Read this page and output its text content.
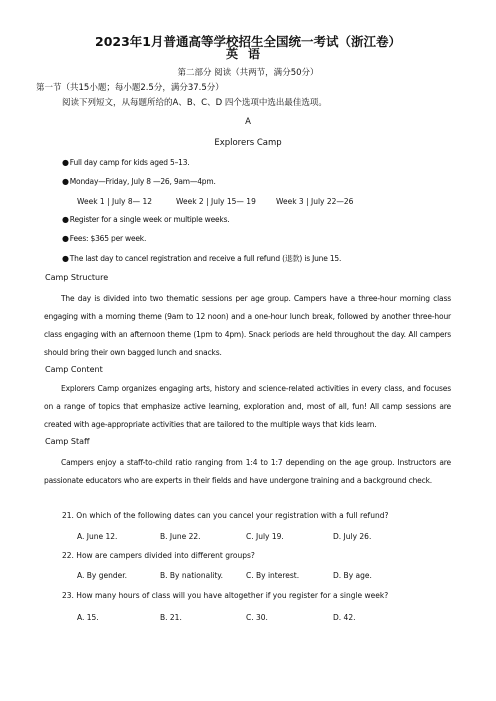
2023年1月普通高等学校招生全国统一考试（浙江卷）
英语
第二部分 阅读（共两节，满分50分）
第一节（共15小题；每小题2.5分，满分37.5分）
阅读下列短文，从每题所给的A、B、C、D 四个选项中选出最佳选项。
A
Explorers Camp
● Full day camp for kids aged 5–13.
● Monday—Friday, July 8 —26, 9am—4pm.
Week 1 | July 8— 12	Week 2 | July 15— 19	Week 3 | July 22—26
● Register for a single week or multiple weeks.
● Fees: $365 per week.
● The last day to cancel registration and receive a full refund (退款) is June 15.
Camp Structure
The day is divided into two thematic sessions per age group. Campers have a three-hour morning class engaging with a morning theme (9am to 12 noon) and a one-hour lunch break, followed by another three-hour class engaging with an afternoon theme (1pm to 4pm). Snack periods are held throughout the day. All campers should bring their own bagged lunch and snacks.
Camp Content
Explorers Camp organizes engaging arts, history and science-related activities in every class, and focuses on a range of topics that emphasize active learning, exploration and, most of all, fun! All camp sessions are created with age-appropriate activities that are tailored to the multiple ways that kids learn.
Camp Staff
Campers enjoy a staff-to-child ratio ranging from 1:4 to 1:7 depending on the age group. Instructors are passionate educators who are experts in their fields and have undergone training and a background check.
21. On which of the following dates can you cancel your registration with a full refund?
A. June 12.	B. June 22.	C. July 19.	D. July 26.
22. How are campers divided into different groups?
A. By gender.	B. By nationality.	C. By interest.	D. By age.
23. How many hours of class will you have altogether if you register for a single week?
A. 15.	B. 21.	C. 30.	D. 42.
